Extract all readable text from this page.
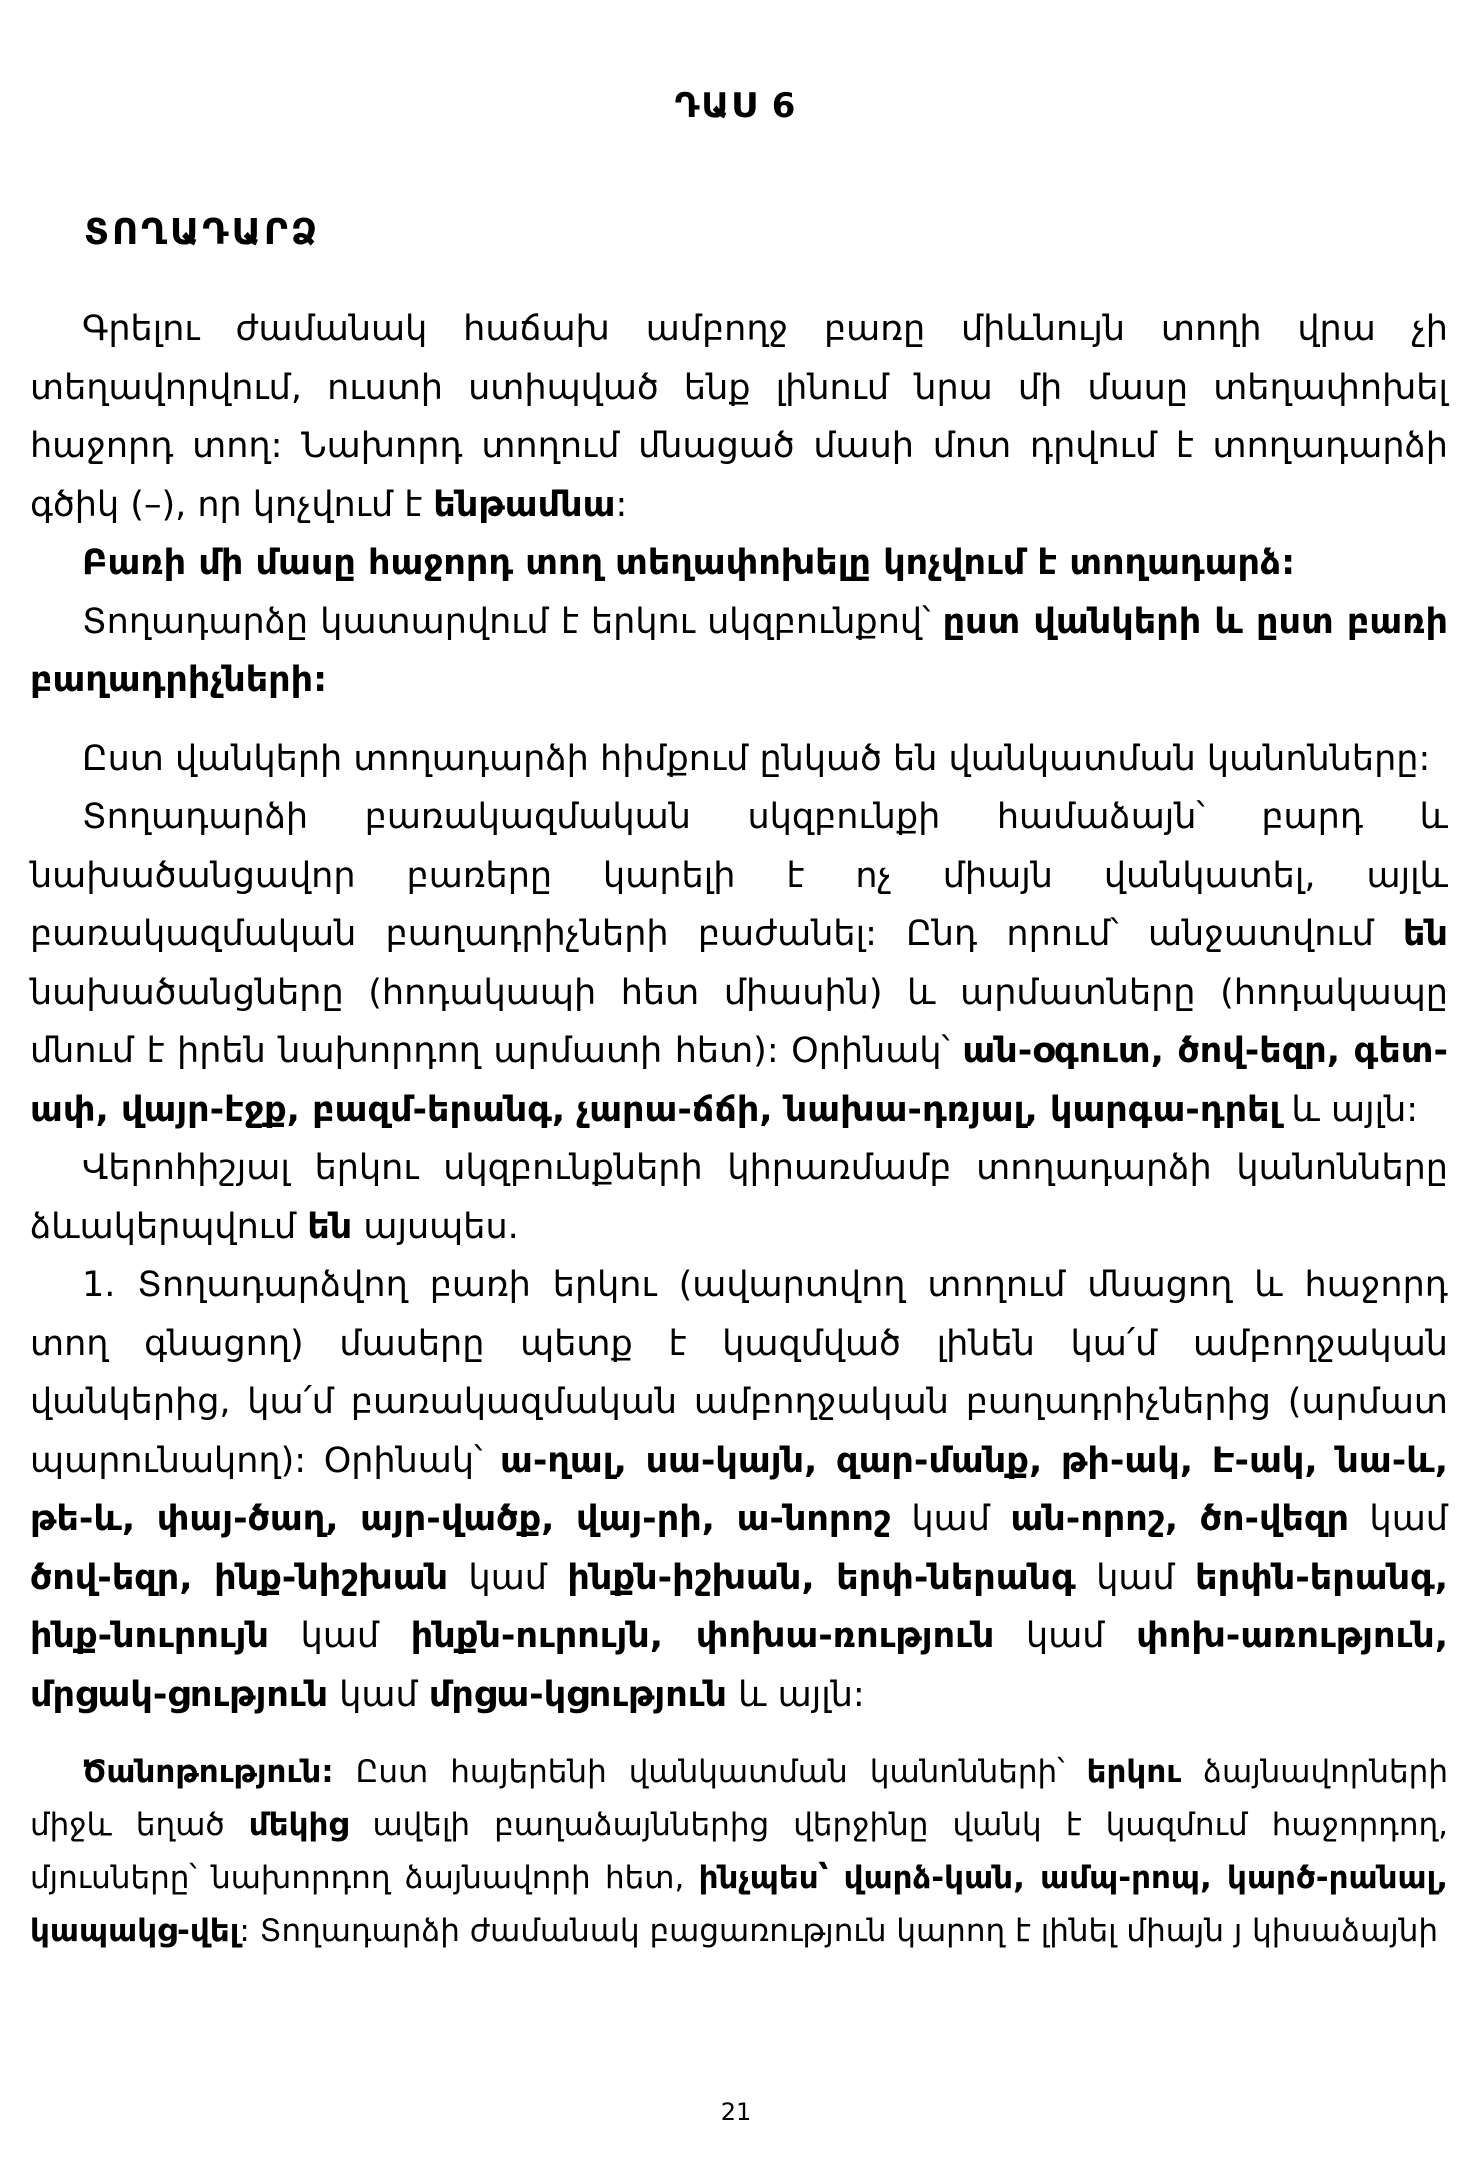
ԴԱՍ 6
ՏՈՂԱԴԱՐՁ

Գրելու ժամանակ հաճախ ամբողջ բառը միևնույն տողի վրա չի տեղավորվում, ուստի ստիպված ենք լինում նրա մի մասը տեղափոխել հաջորդ տող: Նախորդ տողում մնացած մասի մոտ դրվում է տողադարձի գծիկ (–), որ կոչվում է ենթամնա:

Բառի մի մասը հաջորդ տող տեղափոխելը կոչվում է տողադարձ:

Տողադարձը կատարվում է երկու սկզբունքով՝ ըստ վանկերի և ըստ բառի բաղադրիչների:

Ըստ վանկերի տողադարձի հիմքում ընկած են վանկատման կանոնները:

Տողադարձի բառակազմական սկզբունքի համաձայն՝ բարդ և նախածանցավոր բառերը կարելի է ոչ միայն վանկատել, այլև բառակազմական բաղադրիչների բաժանել: Ընդ որում՝ անջատվում են նախածանցները (հոդակապի հետ միասին) և արմատները (հոդակապը մնում է իրեն նախորդող արմատի հետ): Օրինակ՝ ան-օգուտ, ծով-եզր, գետ-ափ, վայր-էջք, բազմ-երանգ, չարա-ճճի, նախա-դռյալ, կարգա-դրել և այլն:

Վերոհիշյալ երկու սկզբունքների կիրառմամբ տողադարձի կանոնները ձևակերպվում են այսպես.

1. Տողադարձվող բառի երկու (ավարտվող տողում մնացող և հաջորդ տող գնացող) մասերը պետք է կազմված լինեն կա՛մ ամբողջական վանկերից, կա՛մ բառակազմական ամբողջական բաղադրիչներից (արմատ պարունակող): Օրինակ՝ ա-ղալ, սա-կայն, զար-մանք, թի-ակ, Է-ակ, նա-և, թե-և, փայ-ծաղ, այր-վածք, վայ-րի, ա-նորոշ կամ ան-որոշ, ծո-վեզր կամ ծով-եզր, ինք-նիշխան կամ ինքն-իշխան, երփ-ներանգ կամ երփն-երանգ, ինք-նուրույն կամ ինքն-ուրույն, փոխա-ռություն կամ փոխ-առություն, մրցակ-ցություն կամ մրցա-կցություն և այլն:

Ծանոթություն: Ըստ հայերենի վանկատման կանոնների՝ երկու ձայնավորների միջև եղած մեկից ավելի բաղաձայններից վերջինը վանկ է կազմում հաջորդող, մյուսները՝ նախորդող ձայնավորի հետ, ինչպես՝ վարձ-կան, ամպ-րոպ, կարծ-րանալ, կապակց-վել: Տողադարձի ժամանակ բացառություն կարող է լինել միայն յ կիսաձայնի

21
